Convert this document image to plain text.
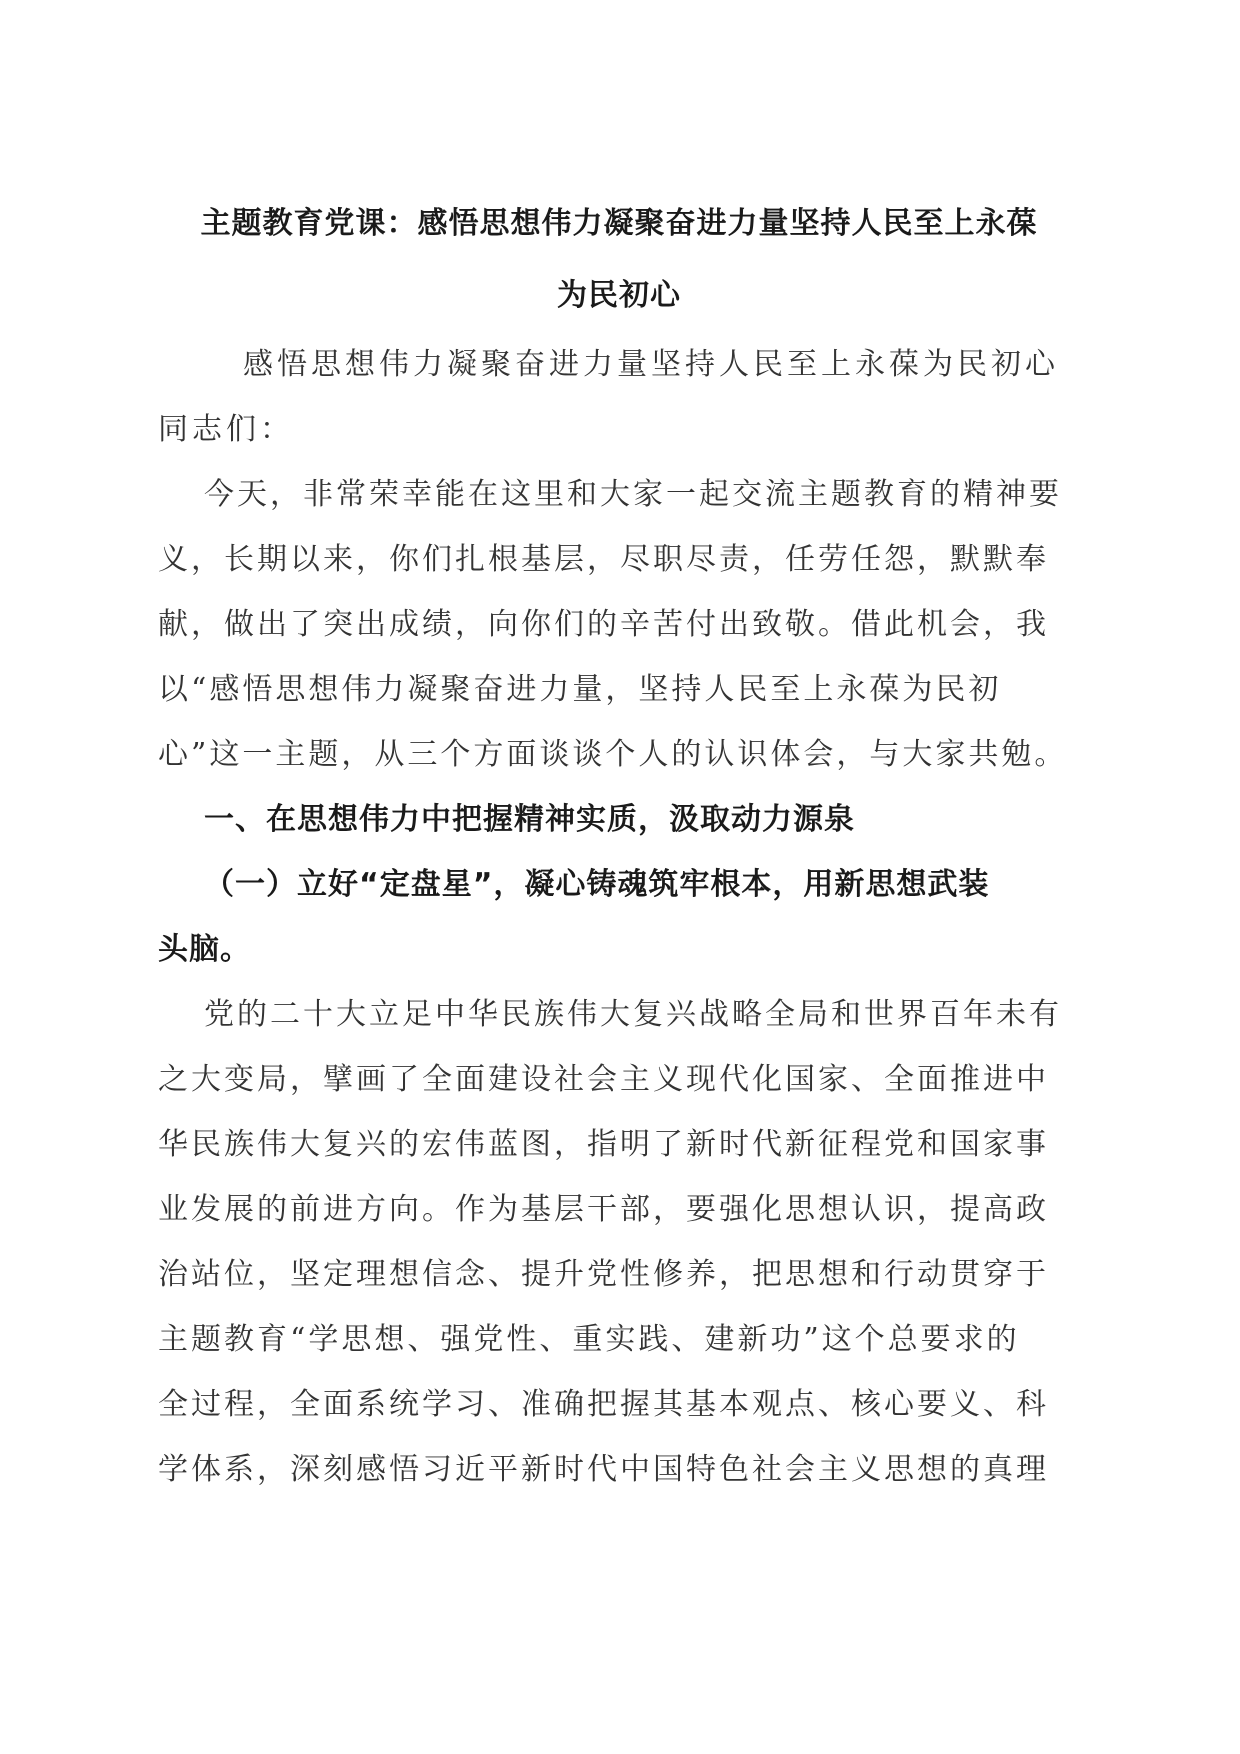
主题教育党课：感悟思想伟力凝聚奋进力量坚持人民至上永葆
为民初心

感悟思想伟力凝聚奋进力量坚持人民至上永葆为民初心

同志们：

今天，非常荣幸能在这里和大家一起交流主题教育的精神要
义，长期以来，你们扎根基层，尽职尽责，任劳任怨，默默奉
献，做出了突出成绩，向你们的辛苦付出致敬。借此机会，我
以“感悟思想伟力凝聚奋进力量，坚持人民至上永葆为民初
心”这一主题，从三个方面谈谈个人的认识体会，与大家共勉。

一、在思想伟力中把握精神实质，汲取动力源泉
（一）立好“定盘星”，凝心铸魂筑牢根本，用新思想武装
头脑。

党的二十大立足中华民族伟大复兴战略全局和世界百年未有
之大变局，擘画了全面建设社会主义现代化国家、全面推进中
华民族伟大复兴的宏伟蓝图，指明了新时代新征程党和国家事
业发展的前进方向。作为基层干部，要强化思想认识，提高政
治站位，坚定理想信念、提升党性修养，把思想和行动贯穿于
主题教育“学思想、强党性、重实践、建新功”这个总要求的
全过程，全面系统学习、准确把握其基本观点、核心要义、科
学体系，深刻感悟习近平新时代中国特色社会主义思想的真理
